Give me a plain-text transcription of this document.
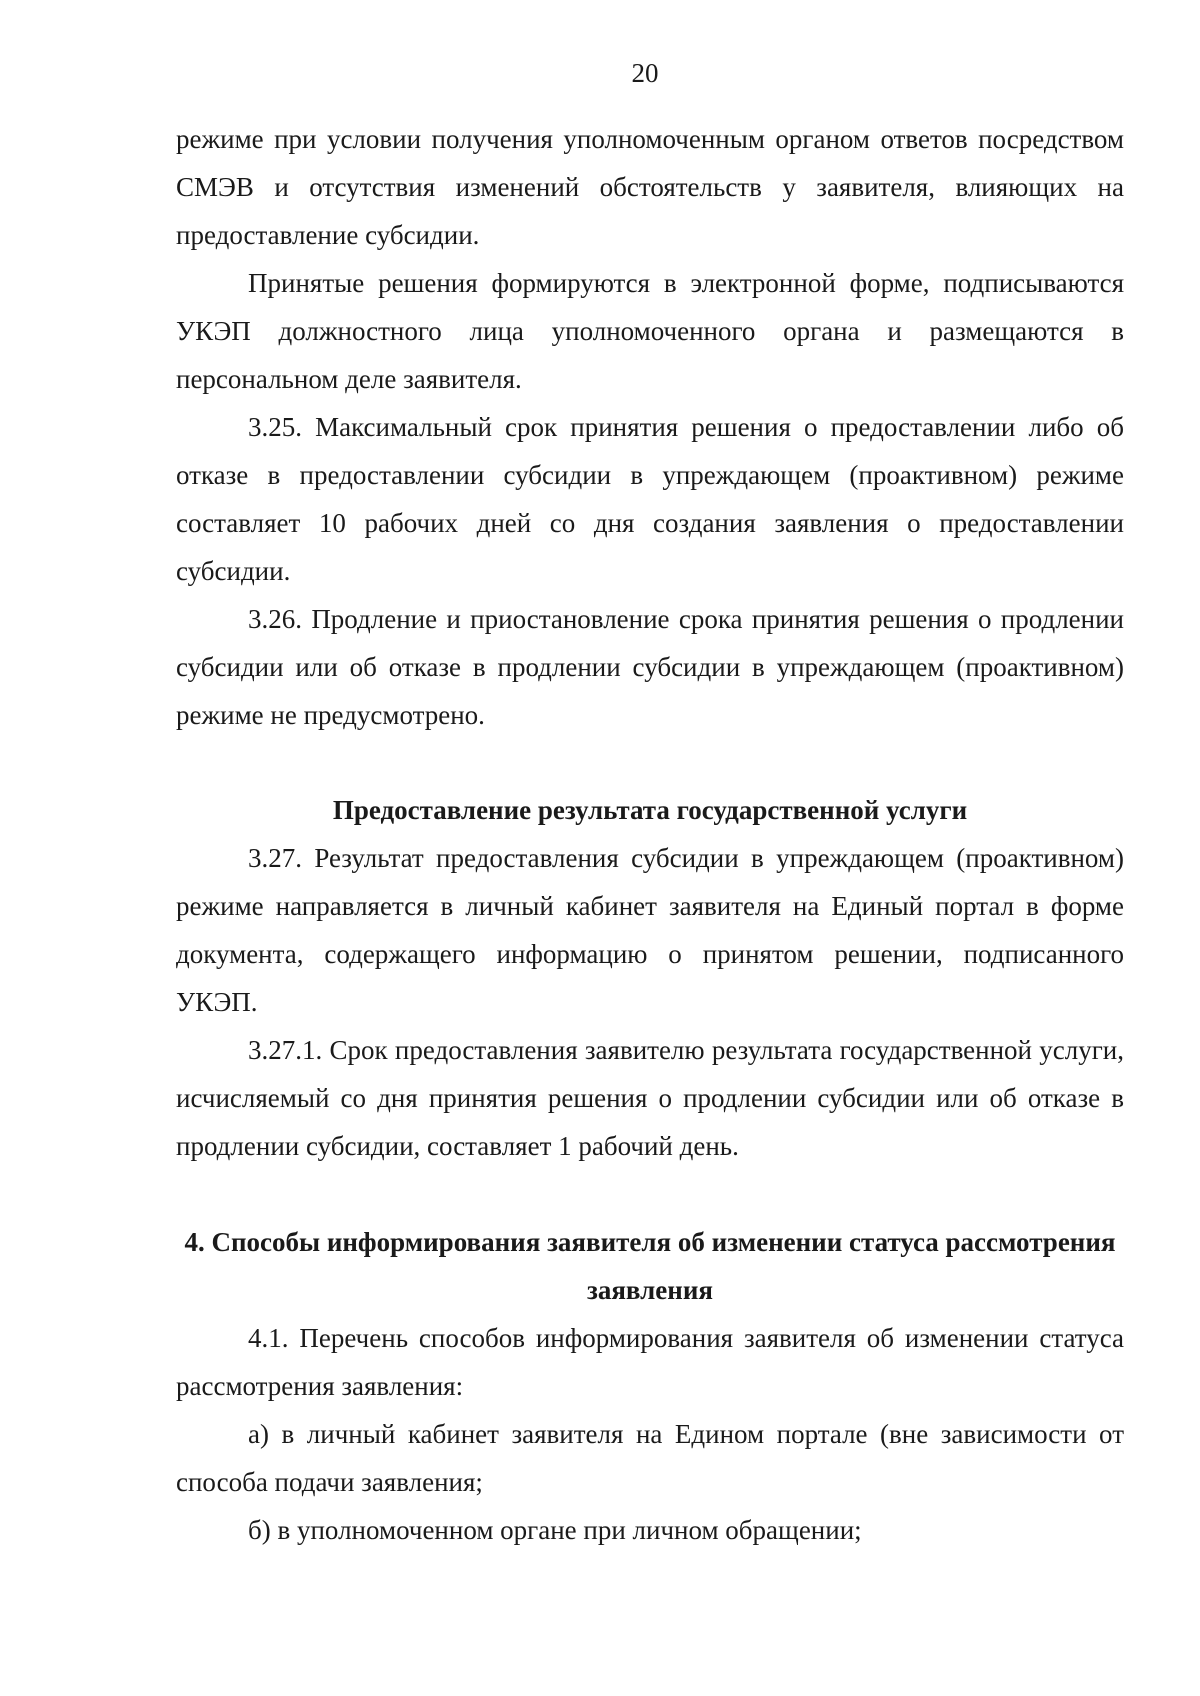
20

режиме при условии получения уполномоченным органом ответов посредством СМЭВ и отсутствия изменений обстоятельств у заявителя, влияющих на предоставление субсидии.

Принятые решения формируются в электронной форме, подписываются УКЭП должностного лица уполномоченного органа и размещаются в персональном деле заявителя.

3.25. Максимальный срок принятия решения о предоставлении либо об отказе в предоставлении субсидии в упреждающем (проактивном) режиме составляет 10 рабочих дней со дня создания заявления о предоставлении субсидии.

3.26. Продление и приостановление срока принятия решения о продлении субсидии или об отказе в продлении субсидии в упреждающем (проактивном) режиме не предусмотрено.

Предоставление результата государственной услуги

3.27. Результат предоставления субсидии в упреждающем (проактивном) режиме направляется в личный кабинет заявителя на Единый портал в форме документа, содержащего информацию о принятом решении, подписанного УКЭП.

3.27.1. Срок предоставления заявителю результата государственной услуги, исчисляемый со дня принятия решения о продлении субсидии или об отказе в продлении субсидии, составляет 1 рабочий день.

4. Способы информирования заявителя об изменении статуса рассмотрения заявления

4.1. Перечень способов информирования заявителя об изменении статуса рассмотрения заявления:

а) в личный кабинет заявителя на Едином портале (вне зависимости от способа подачи заявления;

б) в уполномоченном органе при личном обращении;
